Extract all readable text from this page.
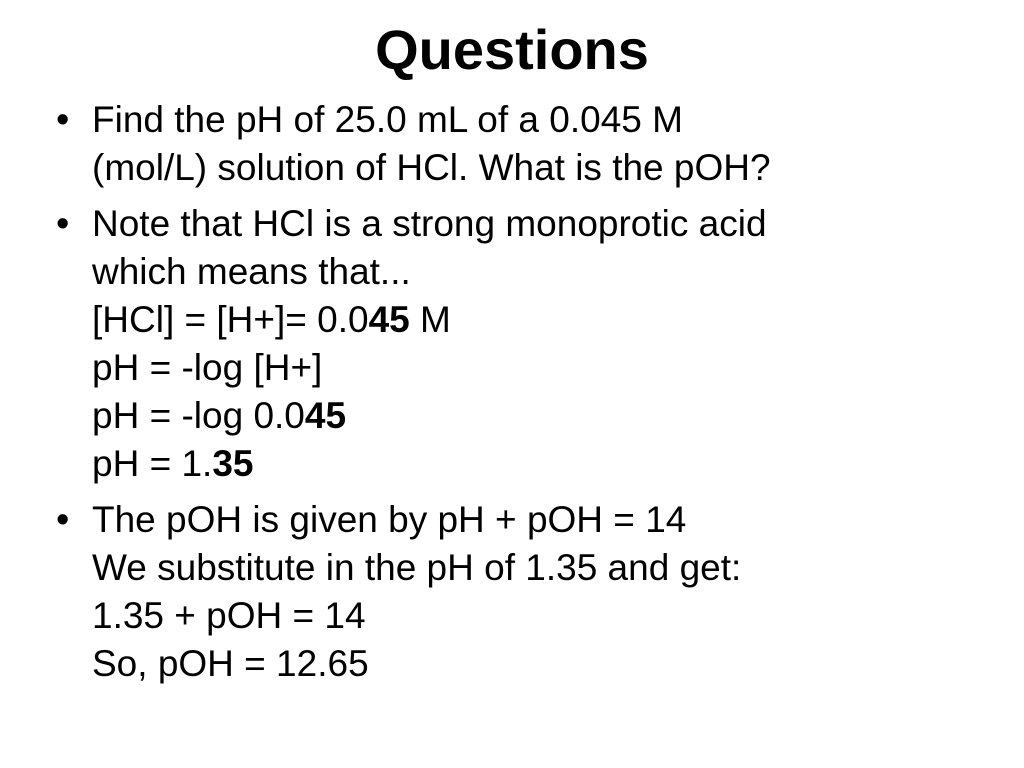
Questions
• Find the pH of 25.0 mL of a 0.045 M
(mol/L) solution of HCl. What is the pOH?
• Note that HCl is a strong monoprotic acid
which means that...
[HCl] = [H+]= 0.045 M
pH = -log [H+]
pH = -log 0.045
pH = 1.35
• The pOH is given by pH + pOH = 14
We substitute in the pH of 1.35 and get:
1.35 + pOH = 14
So, pOH = 12.65
